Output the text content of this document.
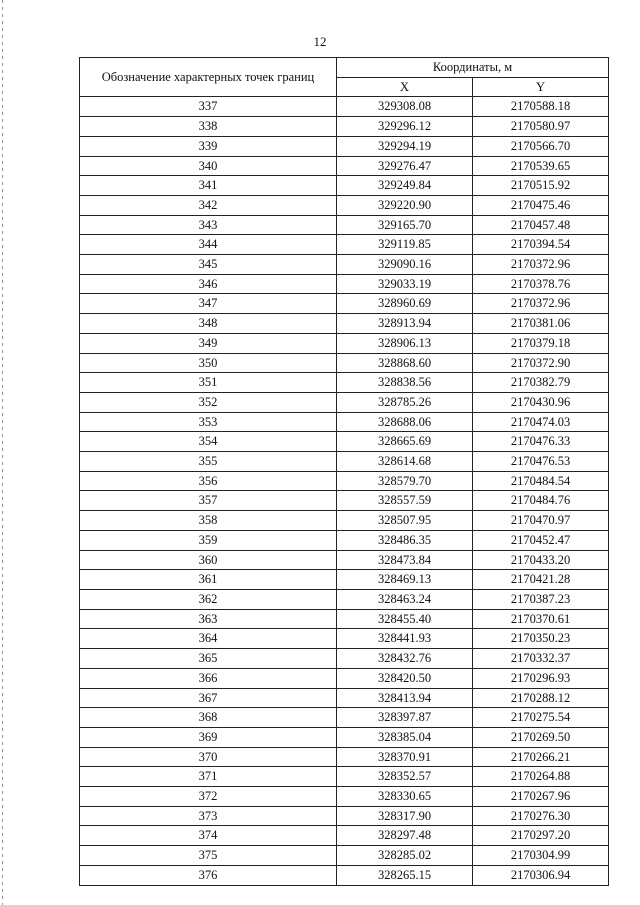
12
Обозначение характерных точек границ	Координаты, м	
	X	Y
337	329308.08	2170588.18
338	329296.12	2170580.97
339	329294.19	2170566.70
340	329276.47	2170539.65
341	329249.84	2170515.92
342	329220.90	2170475.46
343	329165.70	2170457.48
344	329119.85	2170394.54
345	329090.16	2170372.96
346	329033.19	2170378.76
347	328960.69	2170372.96
348	328913.94	2170381.06
349	328906.13	2170379.18
350	328868.60	2170372.90
351	328838.56	2170382.79
352	328785.26	2170430.96
353	328688.06	2170474.03
354	328665.69	2170476.33
355	328614.68	2170476.53
356	328579.70	2170484.54
357	328557.59	2170484.76
358	328507.95	2170470.97
359	328486.35	2170452.47
360	328473.84	2170433.20
361	328469.13	2170421.28
362	328463.24	2170387.23
363	328455.40	2170370.61
364	328441.93	2170350.23
365	328432.76	2170332.37
366	328420.50	2170296.93
367	328413.94	2170288.12
368	328397.87	2170275.54
369	328385.04	2170269.50
370	328370.91	2170266.21
371	328352.57	2170264.88
372	328330.65	2170267.96
373	328317.90	2170276.30
374	328297.48	2170297.20
375	328285.02	2170304.99
376	328265.15	2170306.94
